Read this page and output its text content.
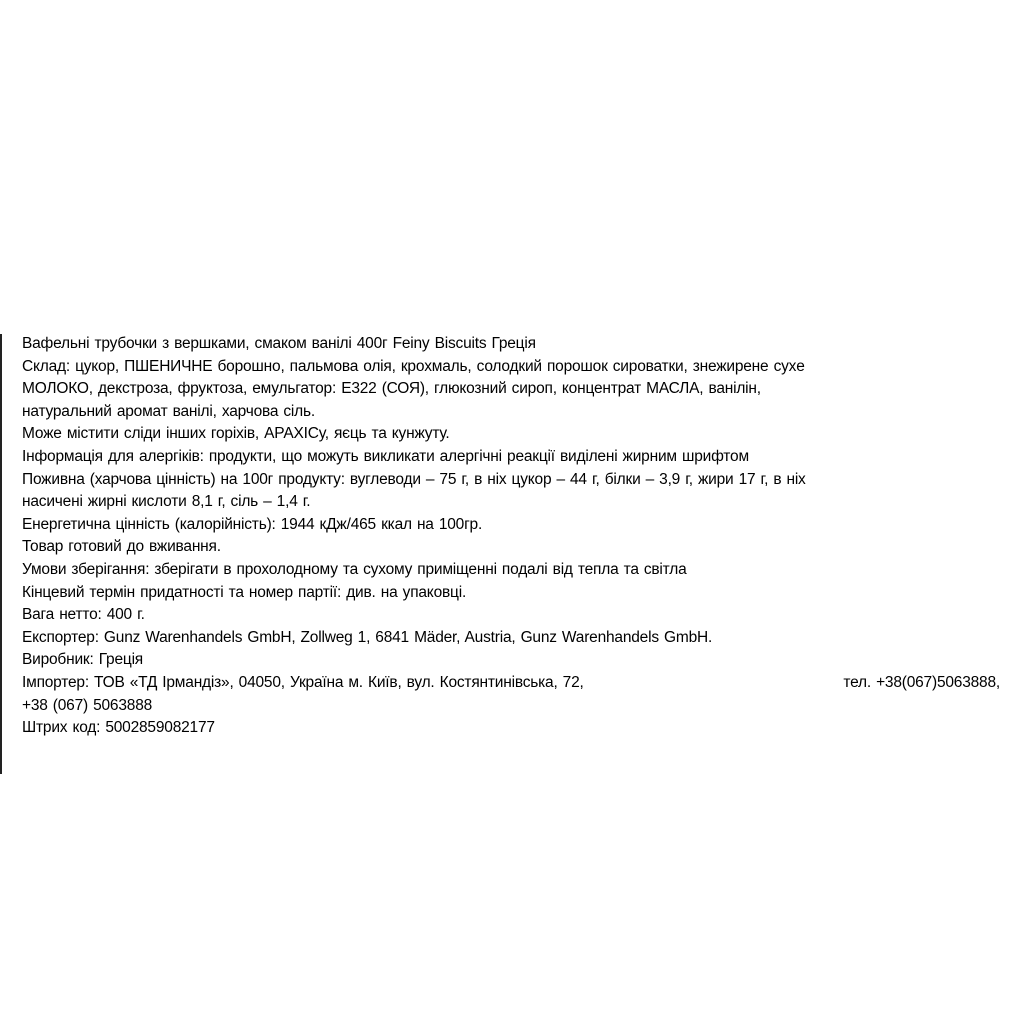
Вафельні трубочки з вершками, смаком ванілі 400г Feiny Biscuits Греція
Склад: цукор, ПШЕНИЧНЕ борошно, пальмова олія, кроxмаль, солодкий порошок сироватки, знежирене суxе
МОЛОКО, декстроза, фруктоза, емульгатор: Е322 (СОЯ), глюкозний сироп, концентрат МАСЛА, ванілін,
натуральний аромат ванілі, харчова сіль.
Може містити сліди інших горіхів, АРАХІСу, яєць та кунжуту.
Інформація для алергіків: продукти, що можуть викликати алергічні реакції виділені жирним шрифтом
Поживна (харчова цінність) на 100г продукту: вуглеводи – 75 г, в ніх цукор – 44 г, білки – 3,9 г, жири 17 г, в ніх
насичені жирні кислоти 8,1 г, сіль – 1,4 г.
Енергетична цінність (калорійність): 1944 кДж/465 ккал на 100гр.
Товар готовий до вживання.
Умови зберігання: зберігати в прохолодному та сухому приміщенні подалі від тепла та світла
Кінцевий термін придатності та номер партії: див. на упаковці.
Вага нетто: 400 г.
Експортер: Gunz Warenhandels GmbH, Zollweg 1, 6841 Mäder, Austria, Gunz Warenhandels GmbH.
Виробник: Греція
Імпортер: ТОВ «ТД Ірмандіз», 04050, Україна м. Київ, вул. Костянтинівська, 72,	тел. +38(067)5063888,
+38 (067) 5063888
Штрих код: 5002859082177
